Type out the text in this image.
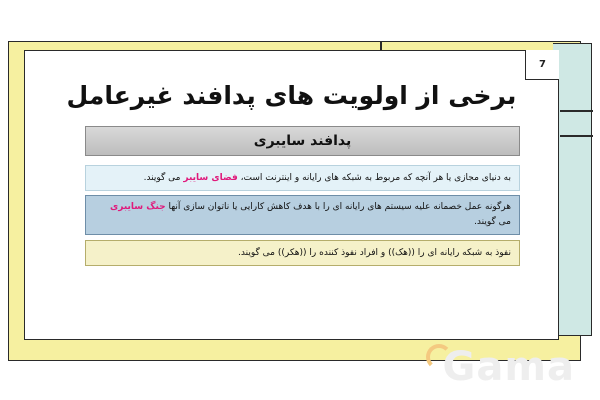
7
برخی از اولویت های پدافند غیرعامل
پدافند سایبری
به دنیای مجازی یا هر آنچه که مربوط به شبکه های رایانه و اینترنت است، فضای سایبر می گویند.
هرگونه عمل خصمانه علیه سیستم های رایانه ای را با هدف کاهش کارایی یا ناتوان سازی آنها جنگ سایبری
می گویند.
نفوذ به شبکه رایانه ای را ((هک)) و افراد نفوذ کننده را ((هکر)) می گویند.
Gama
